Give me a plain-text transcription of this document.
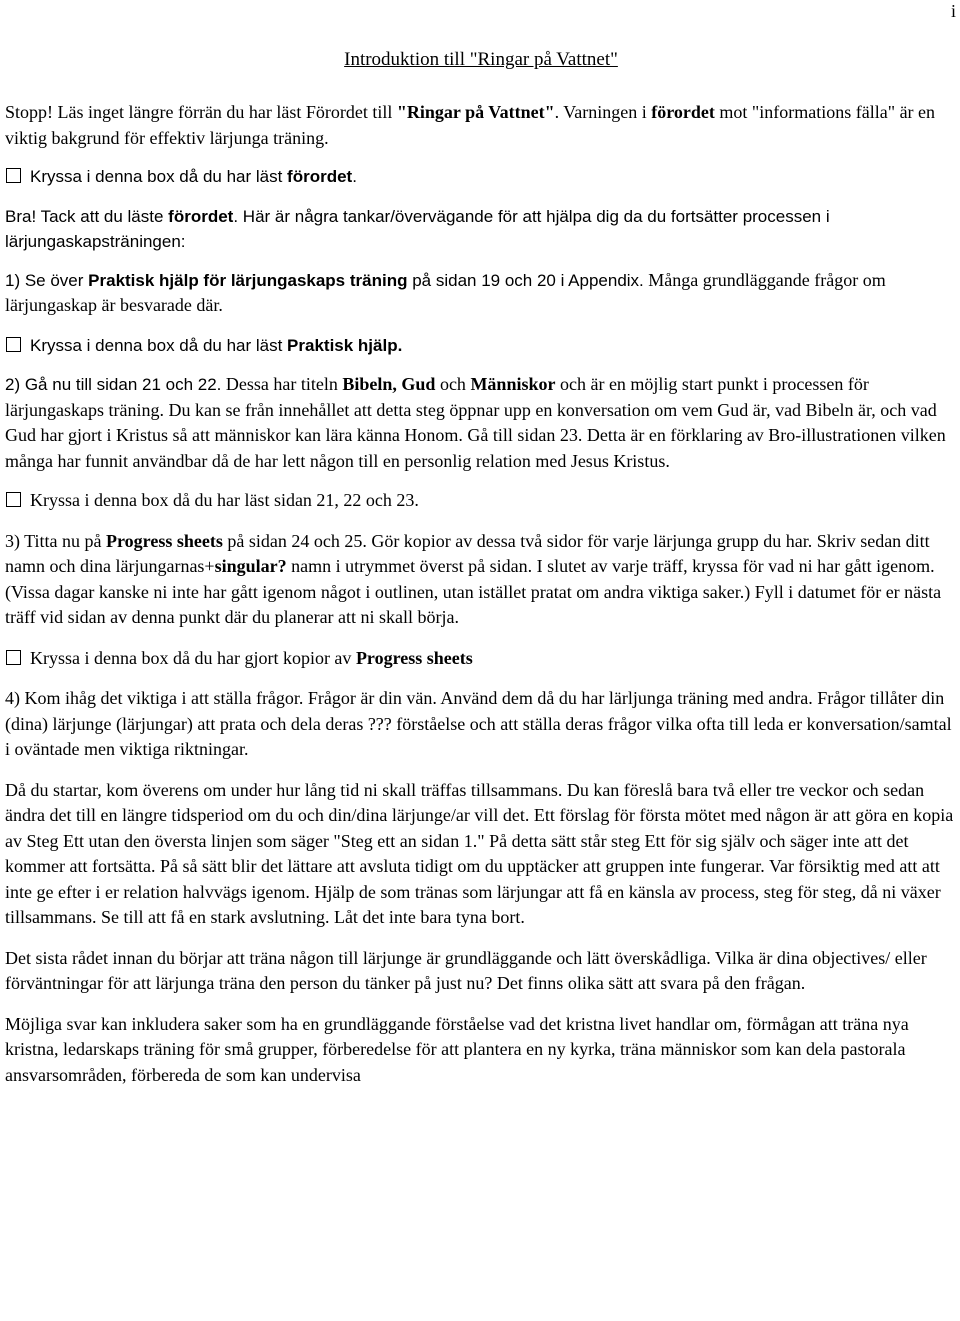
i
Introduktion till "Ringar på Vattnet"

Stopp! Läs inget längre förrän du har läst Förordet till "Ringar på Vattnet". Varningen i förordet mot "informations fälla" är en viktig bakgrund för effektiv lärjunga träning.

Kryssa i denna box då du har läst förordet.

Bra! Tack att du läste förordet. Här är några tankar/övervägande för att hjälpa dig da du fortsätter processen i lärjungaskapsträningen:

1) Se över Praktisk hjälp för lärjungaskaps träning på sidan 19 och 20 i Appendix. Många grundläggande frågor om lärjungaskap är besvarade där.

Kryssa i denna box då du har läst Praktisk hjälp.

2) Gå nu till sidan 21 och 22. Dessa har titeln Bibeln, Gud och Människor och är en möjlig start punkt i processen för lärjungaskaps träning. Du kan se från innehållet att detta steg öppnar upp en konversation om vem Gud är, vad Bibeln är, och vad Gud har gjort i Kristus så att människor kan lära känna Honom. Gå till sidan 23. Detta är en förklaring av Bro-illustrationen vilken många har funnit användbar då de har lett någon till en personlig relation med Jesus Kristus.

Kryssa i denna box då du har läst sidan 21, 22 och 23.

3) Titta nu på Progress sheets på sidan 24 och 25. Gör kopior av dessa två sidor för varje lärjunga grupp du har. Skriv sedan ditt namn och dina lärjungarnas+singular? namn i utrymmet överst på sidan. I slutet av varje träff, kryssa för vad ni har gått igenom. (Vissa dagar kanske ni inte har gått igenom något i outlinen, utan istället pratat om andra viktiga saker.) Fyll i datumet för er nästa träff vid sidan av denna punkt där du planerar att ni skall börja.

Kryssa i denna box då du har gjort kopior av Progress sheets

4) Kom ihåg det viktiga i att ställa frågor. Frågor är din vän. Använd dem då du har lärljunga träning med andra. Frågor tillåter din (dina) lärjunge (lärjungar) att prata och dela deras ??? förståelse och att ställa deras frågor vilka ofta till leda er konversation/samtal i oväntade men viktiga riktningar.

Då du startar, kom överens om under hur lång tid ni skall träffas tillsammans. Du kan föreslå bara två eller tre veckor och sedan ändra det till en längre tidsperiod om du och din/dina lärjunge/ar vill det. Ett förslag för första mötet med någon är att göra en kopia av Steg Ett utan den översta linjen som säger "Steg ett an sidan 1." På detta sätt står steg Ett för sig själv och säger inte att det kommer att fortsätta. På så sätt blir det lättare att avsluta tidigt om du upptäcker att gruppen inte fungerar. Var försiktig med att att inte ge efter i er relation halvvägs igenom. Hjälp de som tränas som lärjungar att få en känsla av process, steg för steg, då ni växer tillsammans. Se till att få en stark avslutning. Låt det inte bara tyna bort.

Det sista rådet innan du börjar att träna någon till lärjunge är grundläggande och lätt överskådliga. Vilka är dina objectives/ eller förväntningar för att lärjunga träna den person du tänker på just nu? Det finns olika sätt att svara på den frågan.

Möjliga svar kan inkludera saker som ha en grundläggande förståelse vad det kristna livet handlar om, förmågan att träna nya kristna, ledarskaps träning för små grupper, förberedelse för att plantera en ny kyrka, träna människor som kan dela pastorala ansvarsområden, förbereda de som kan undervisa
